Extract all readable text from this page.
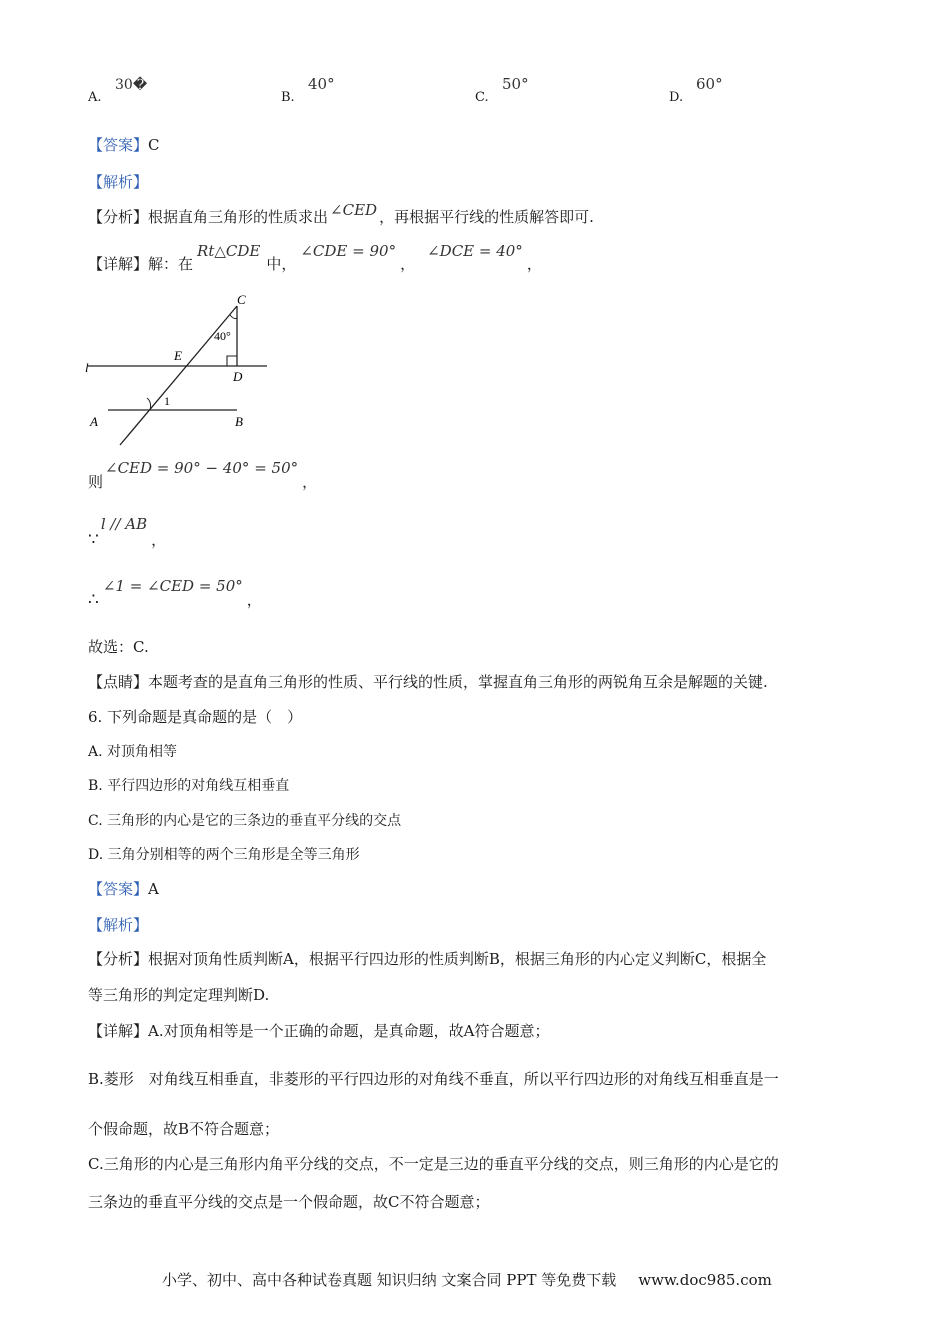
A.
30�
B.
40°
C.
50°
D.
60°
【答案】C
【解析】
【分析】根据直角三角形的性质求出 ∠CED ，再根据平行线的性质解答即可.
【详解】解：在Rt△CDE中，∠CDE = 90°，∠DCE = 40°，
C
40°
E
D
l
A
1
B
则∠CED = 90° − 40° = 50°，
∵l // AB，
∴∠1 = ∠CED = 50°，
故选：C.
【点睛】本题考查的是直角三角形的性质、平行线的性质，掌握直角三角形的两锐角互余是解题的关键.
6. 下列命题是真命题的是（　）
A. 对顶角相等
B. 平行四边形的对角线互相垂直
C. 三角形的内心是它的三条边的垂直平分线的交点
D. 三角分别相等的两个三角形是全等三角形
【答案】A
【解析】
【分析】根据对顶角性质判断A，根据平行四边形的性质判断B，根据三角形的内心定义判断C，根据全
等三角形的判定定理判断D.
【详解】A.对顶角相等是一个正确的命题，是真命题，故A符合题意；
B.菱形　对角线互相垂直，非菱形的平行四边形的对角线不垂直，所以平行四边形的对角线互相垂直是一
个假命题，故B不符合题意；
C.三角形的内心是三角形内角平分线的交点，不一定是三边的垂直平分线的交点，则三角形的内心是它的
三条边的垂直平分线的交点是一个假命题，故C不符合题意；
小学、初中、高中各种试卷真题 知识归纳 文案合同 PPT 等免费下载 www.doc985.com
